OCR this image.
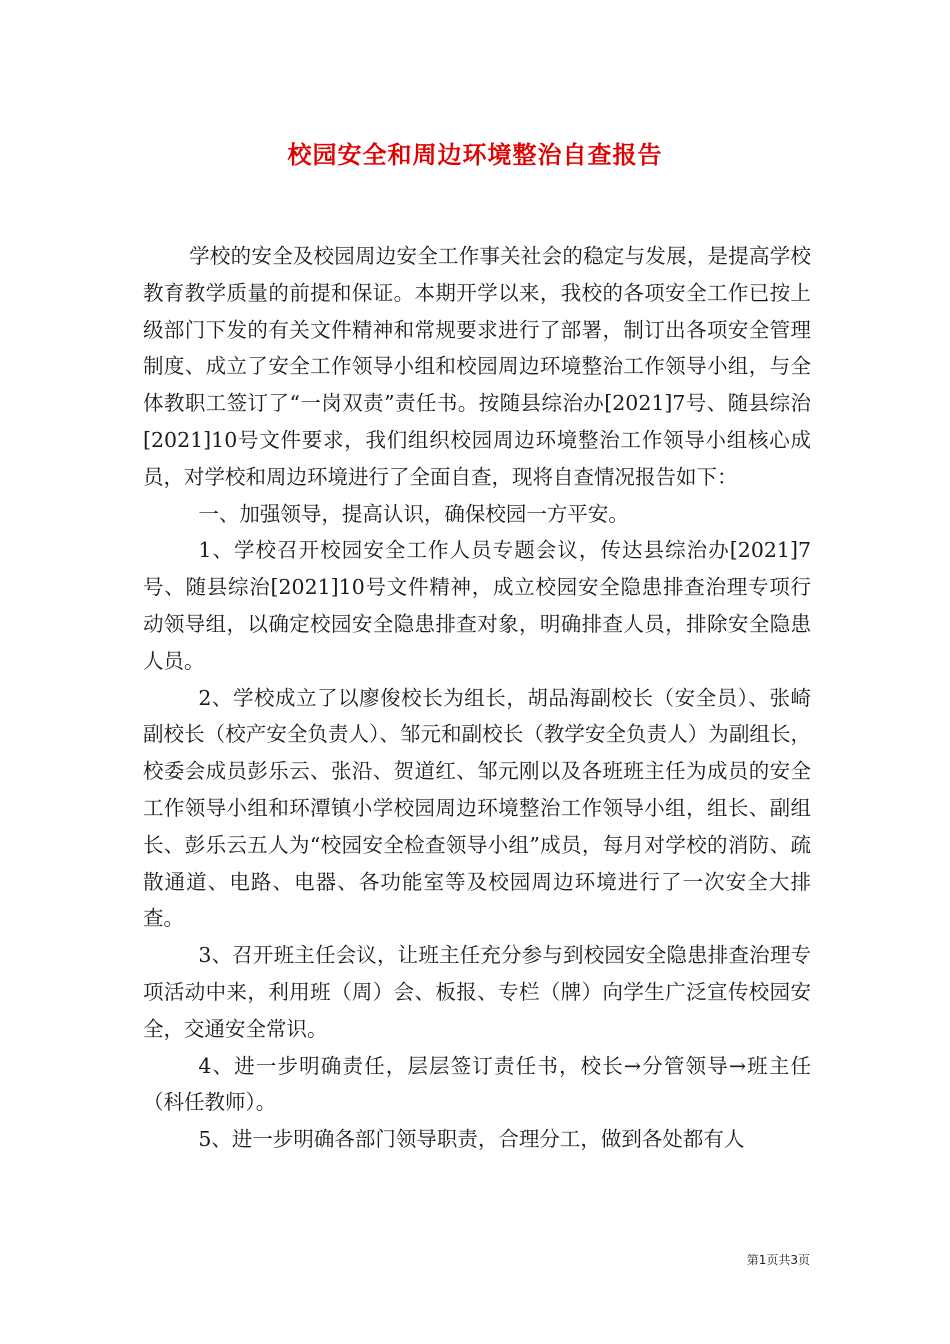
校园安全和周边环境整治自查报告

学校的安全及校园周边安全工作事关社会的稳定与发展，是提高学校教育教学质量的前提和保证。本期开学以来，我校的各项安全工作已按上级部门下发的有关文件精神和常规要求进行了部署，制订出各项安全管理制度、成立了安全工作领导小组和校园周边环境整治工作领导小组，与全体教职工签订了“一岗双责”责任书。按随县综治办[2021]7号、随县综治[2021]10号文件要求，我们组织校园周边环境整治工作领导小组核心成员，对学校和周边环境进行了全面自查，现将自查情况报告如下：

一、加强领导，提高认识，确保校园一方平安。

1、学校召开校园安全工作人员专题会议，传达县综治办[2021]7号、随县综治[2021]10号文件精神，成立校园安全隐患排查治理专项行动领导组，以确定校园安全隐患排查对象，明确排查人员，排除安全隐患人员。

2、学校成立了以廖俊校长为组长，胡品海副校长（安全员）、张崎副校长（校产安全负责人）、邹元和副校长（教学安全负责人）为副组长，校委会成员彭乐云、张沿、贺道红、邹元刚以及各班班主任为成员的安全工作领导小组和环潭镇小学校园周边环境整治工作领导小组，组长、副组长、彭乐云五人为“校园安全检查领导小组”成员，每月对学校的消防、疏散通道、电路、电器、各功能室等及校园周边环境进行了一次安全大排查。

3、召开班主任会议，让班主任充分参与到校园安全隐患排查治理专项活动中来，利用班（周）会、板报、专栏（牌）向学生广泛宣传校园安全，交通安全常识。

4、进一步明确责任，层层签订责任书，校长→分管领导→班主任（科任教师）。

5、进一步明确各部门领导职责，合理分工，做到各处都有人

第1页共3页
